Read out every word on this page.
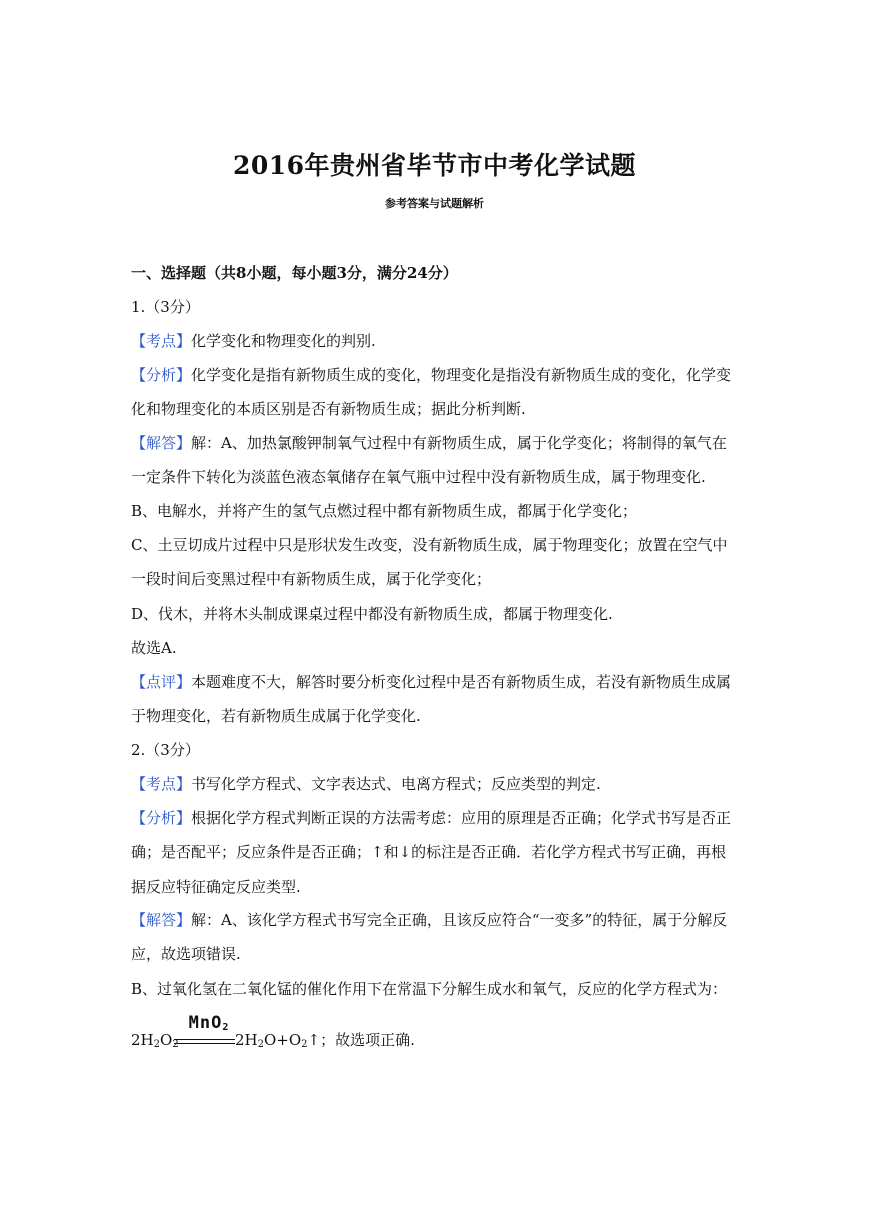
2016年贵州省毕节市中考化学试题
参考答案与试题解析
一、选择题（共8小题，每小题3分，满分24分）
1.（3分）
【考点】化学变化和物理变化的判别.
【分析】化学变化是指有新物质生成的变化，物理变化是指没有新物质生成的变化，化学变
化和物理变化的本质区别是否有新物质生成；据此分析判断.
【解答】解：A、加热氯酸钾制氧气过程中有新物质生成，属于化学变化；将制得的氧气在
一定条件下转化为淡蓝色液态氧储存在氧气瓶中过程中没有新物质生成，属于物理变化.
B、电解水，并将产生的氢气点燃过程中都有新物质生成，都属于化学变化；
C、土豆切成片过程中只是形状发生改变，没有新物质生成，属于物理变化；放置在空气中
一段时间后变黑过程中有新物质生成，属于化学变化；
D、伐木，并将木头制成课桌过程中都没有新物质生成，都属于物理变化.
故选A.
【点评】本题难度不大，解答时要分析变化过程中是否有新物质生成，若没有新物质生成属
于物理变化，若有新物质生成属于化学变化.
2.（3分）
【考点】书写化学方程式、文字表达式、电离方程式；反应类型的判定.
【分析】根据化学方程式判断正误的方法需考虑：应用的原理是否正确；化学式书写是否正
确；是否配平；反应条件是否正确；↑和↓的标注是否正确．若化学方程式书写正确，再根
据反应特征确定反应类型.
【解答】解：A、该化学方程式书写完全正确，且该反应符合“一变多”的特征，属于分解反
应，故选项错误.
B、过氧化氢在二氧化锰的催化作用下在常温下分解生成水和氧气，反应的化学方程式为：
$2H_2O_2$
MnO$_2$
$2H_2O+O_2↑$；故选项正确.
